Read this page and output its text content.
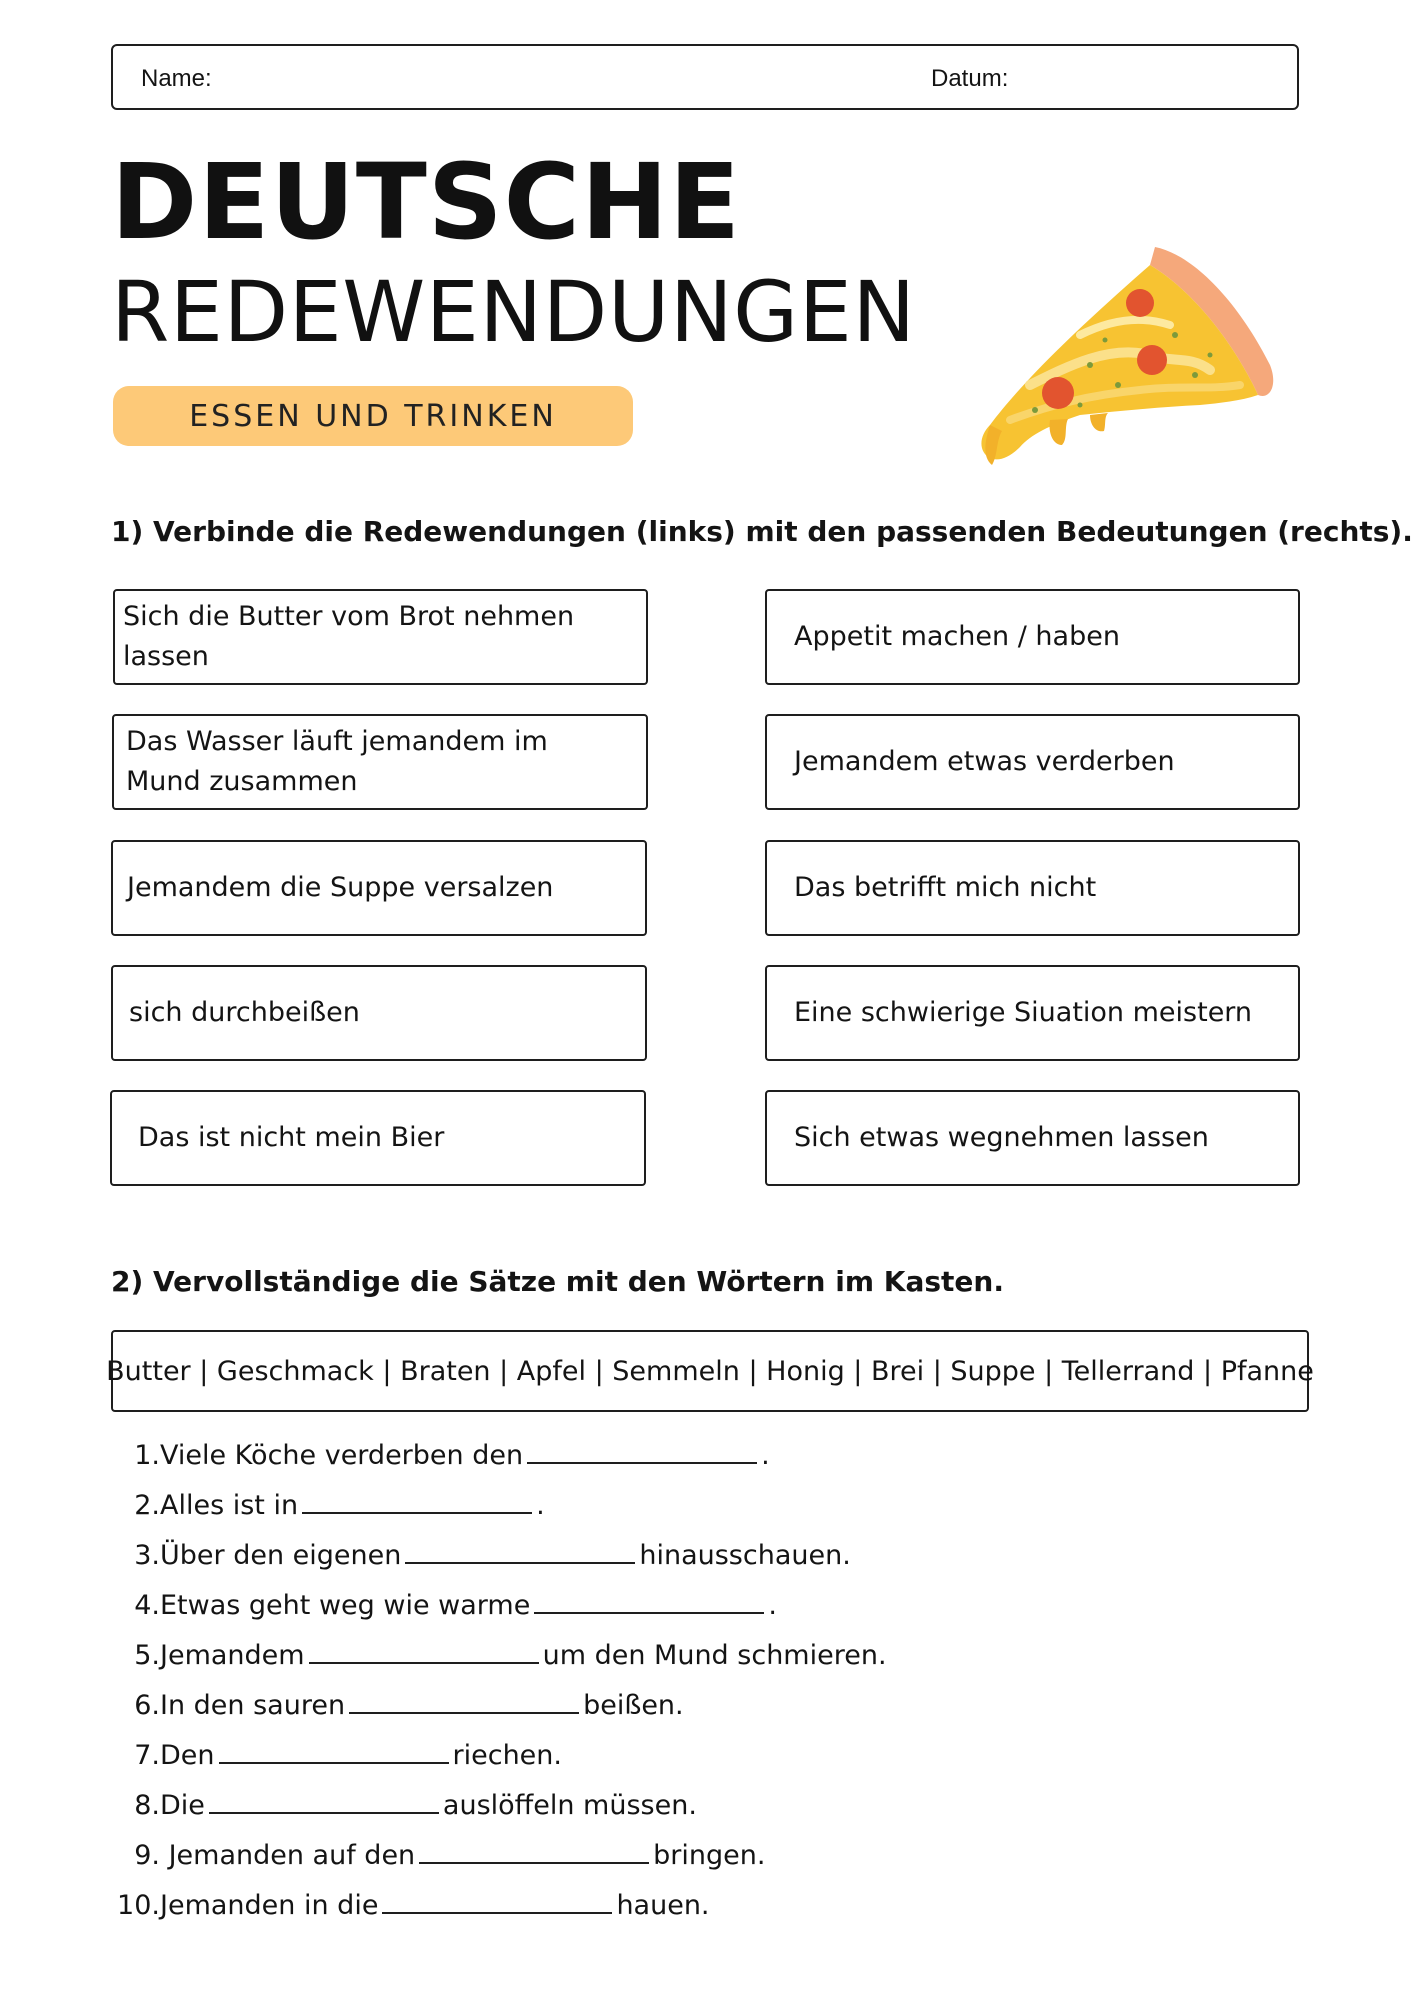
Name:	Datum:
DEUTSCHE
REDEWENDUNGEN
ESSEN UND TRINKEN

1) Verbinde die Redewendungen (links) mit den passenden Bedeutungen (rechts).

Sich die Butter vom Brot nehmen lassen
Das Wasser läuft jemandem im Mund zusammen
Jemandem die Suppe versalzen
sich durchbeißen
Das ist nicht mein Bier
Appetit machen / haben
Jemandem etwas verderben
Das betrifft mich nicht
Eine schwierige Siuation meistern
Sich etwas wegnehmen lassen

2) Vervollständige die Sätze mit den Wörtern im Kasten.

Butter | Geschmack | Braten | Apfel | Semmeln | Honig | Brei | Suppe | Tellerrand | Pfanne
1.Viele Köche verderben den	.
2.Alles ist in	.
3.Über den eigenen	hinausschauen.
4.Etwas geht weg wie warme	.
5.Jemandem	um den Mund schmieren.
6.In den sauren	beißen.
7.Den	riechen.
8.Die	auslöffeln müssen.
9. Jemanden auf den	bringen.
10.Jemanden in die	hauen.
